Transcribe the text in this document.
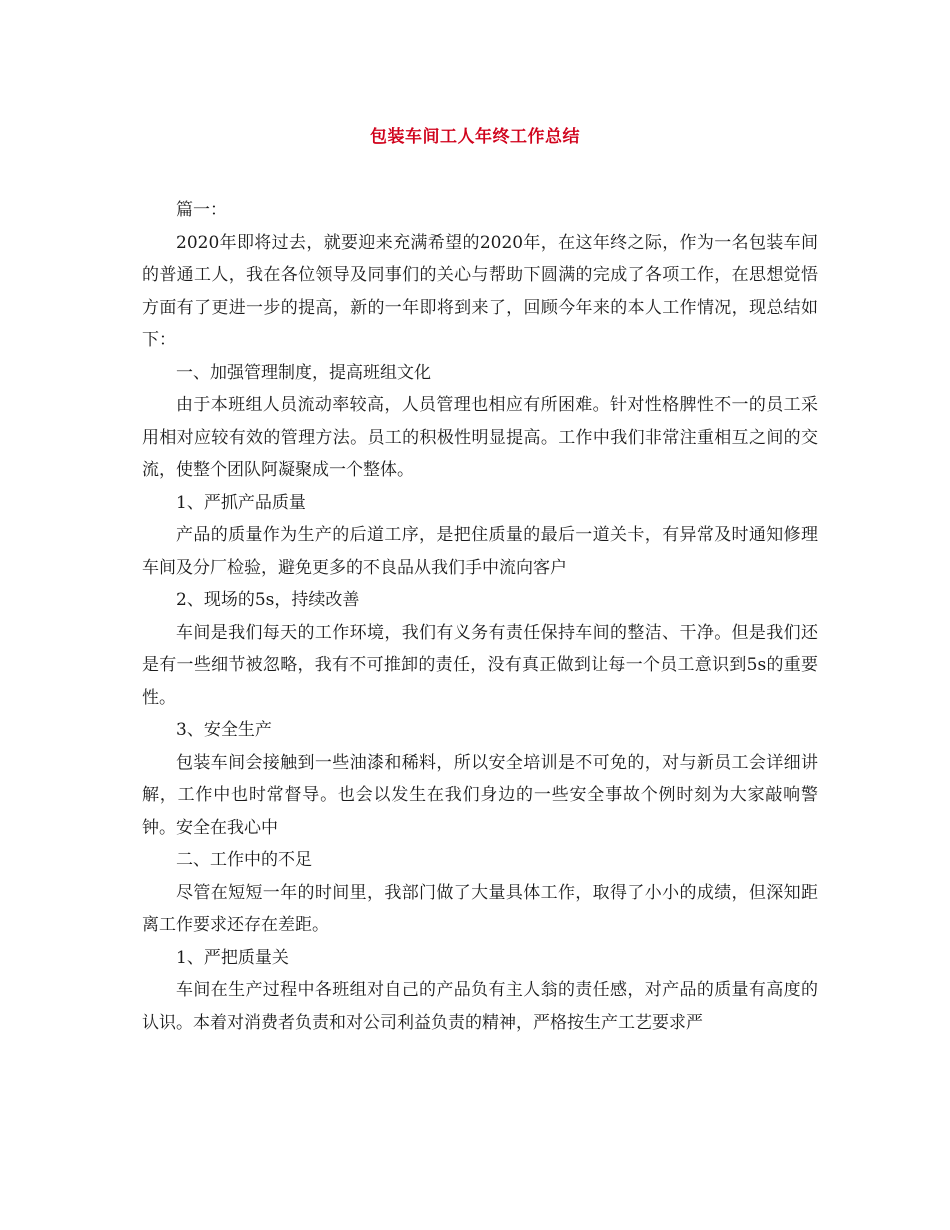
包装车间工人年终工作总结

篇一：

2020年即将过去，就要迎来充满希望的2020年，在这年终之际，作为一名包装车间的普通工人，我在各位领导及同事们的关心与帮助下圆满的完成了各项工作，在思想觉悟方面有了更进一步的提高，新的一年即将到来了，回顾今年来的本人工作情况，现总结如下：

一、加强管理制度，提高班组文化

由于本班组人员流动率较高，人员管理也相应有所困难。针对性格脾性不一的员工采用相对应较有效的管理方法。员工的积极性明显提高。工作中我们非常注重相互之间的交流，使整个团队阿凝聚成一个整体。

1、严抓产品质量

产品的质量作为生产的后道工序，是把住质量的最后一道关卡，有异常及时通知修理车间及分厂检验，避免更多的不良品从我们手中流向客户

2、现场的5s，持续改善

车间是我们每天的工作环境，我们有义务有责任保持车间的整洁、干净。但是我们还是有一些细节被忽略，我有不可推卸的责任，没有真正做到让每一个员工意识到5s的重要性。

3、安全生产

包装车间会接触到一些油漆和稀料，所以安全培训是不可免的，对与新员工会详细讲解，工作中也时常督导。也会以发生在我们身边的一些安全事故个例时刻为大家敲响警钟。安全在我心中

二、工作中的不足

尽管在短短一年的时间里，我部门做了大量具体工作，取得了小小的成绩，但深知距离工作要求还存在差距。

1、严把质量关

车间在生产过程中各班组对自己的产品负有主人翁的责任感，对产品的质量有高度的认识。本着对消费者负责和对公司利益负责的精神，严格按生产工艺要求严
